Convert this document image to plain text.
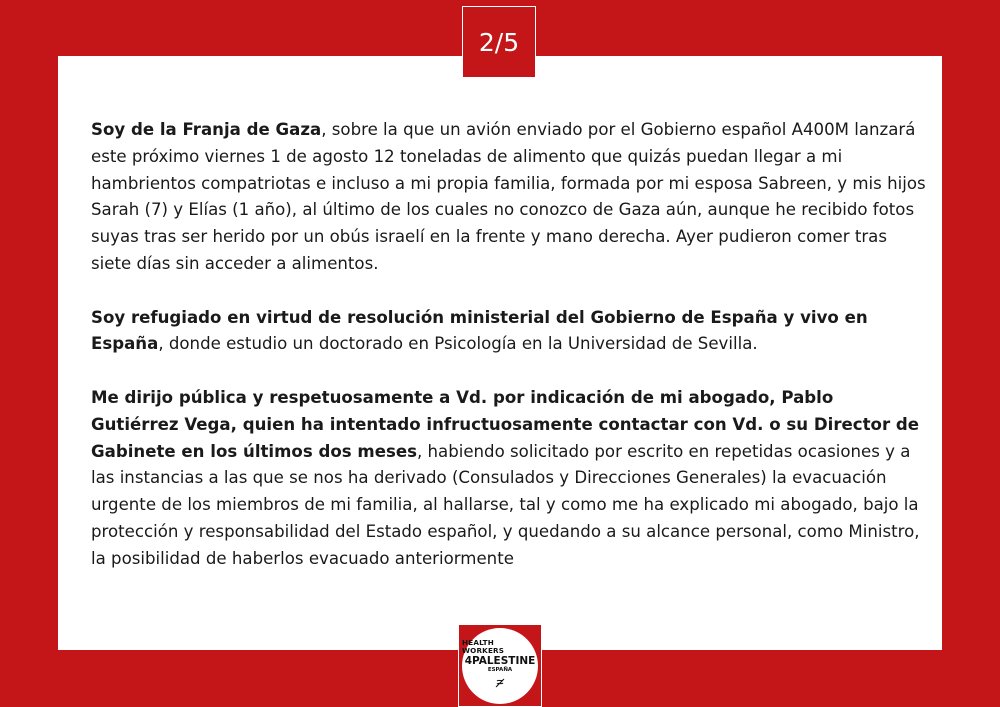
2/5

Soy de la Franja de Gaza, sobre la que un avión enviado por el Gobierno español A400M lanzará este próximo viernes 1 de agosto 12 toneladas de alimento que quizás puedan llegar a mi hambrientos compatriotas e incluso a mi propia familia, formada por mi esposa Sabreen, y mis hijos Sarah (7) y Elías (1 año), al último de los cuales no conozco de Gaza aún, aunque he recibido fotos suyas tras ser herido por un obús israelí en la frente y mano derecha. Ayer pudieron comer tras siete días sin acceder a alimentos.

Soy refugiado en virtud de resolución ministerial del Gobierno de España y vivo en España, donde estudio un doctorado en Psicología en la Universidad de Sevilla.

Me dirijo pública y respetuosamente a Vd. por indicación de mi abogado, Pablo Gutiérrez Vega, quien ha intentado infructuosamente contactar con Vd. o su Director de Gabinete en los últimos dos meses, habiendo solicitado por escrito en repetidas ocasiones y a las instancias a las que se nos ha derivado (Consulados y Direcciones Generales) la evacuación urgente de los miembros de mi familia, al hallarse, tal y como me ha explicado mi abogado, bajo la protección y responsabilidad del Estado español, y quedando a su alcance personal, como Ministro, la posibilidad de haberlos evacuado anteriormente

HEALTH WORKERS
4PALESTINE
ESPAÑA
